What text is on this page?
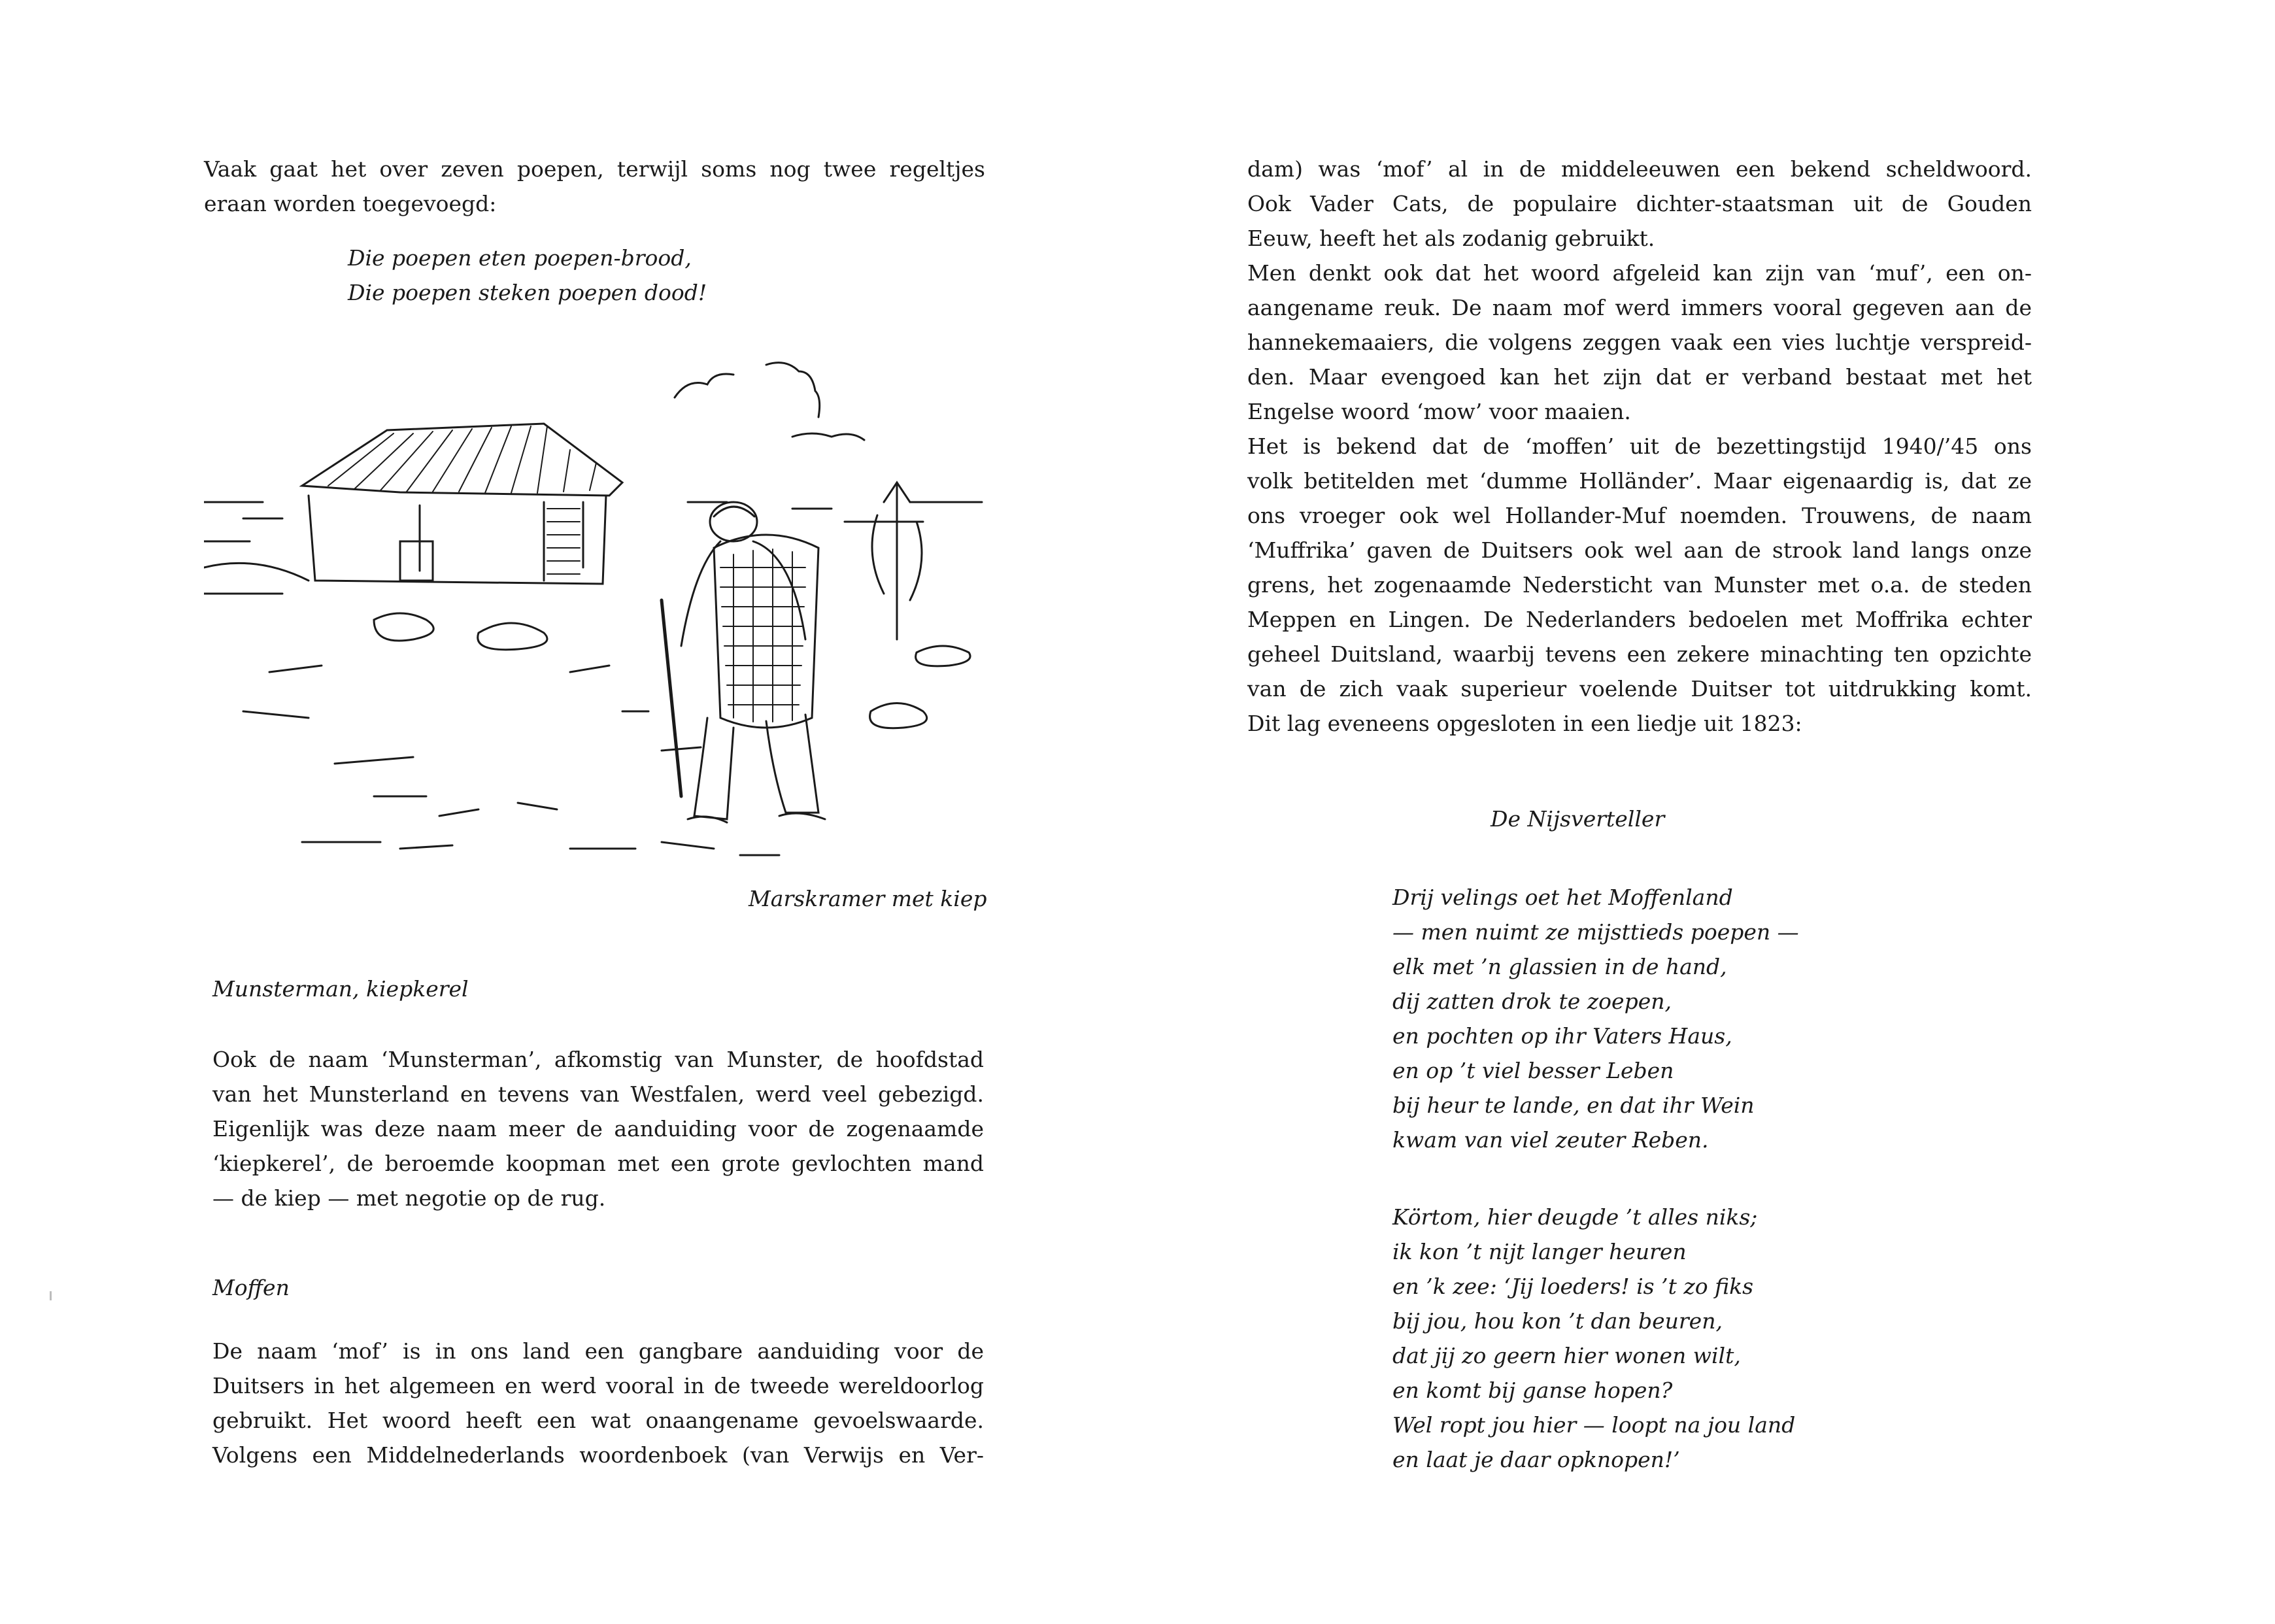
Vaak gaat het over zeven poepen, terwijl soms nog twee regeltjes
eraan worden toegevoegd:
Die poepen eten poepen-brood,
Die poepen steken poepen dood!
Marskramer met kiep
Munsterman, kiepkerel
Ook de naam ‘Munsterman’, afkomstig van Munster, de hoofdstad
van het Munsterland en tevens van Westfalen, werd veel gebezigd.
Eigenlijk was deze naam meer de aanduiding voor de zogenaamde
‘kiepkerel’, de beroemde koopman met een grote gevlochten mand
— de kiep — met negotie op de rug.
Moffen
De naam ‘mof’ is in ons land een gangbare aanduiding voor de
Duitsers in het algemeen en werd vooral in de tweede wereldoorlog
gebruikt. Het woord heeft een wat onaangename gevoelswaarde.
Volgens een Middelnederlands woordenboek (van Verwijs en Ver-
dam) was ‘mof’ al in de middeleeuwen een bekend scheldwoord.
Ook Vader Cats, de populaire dichter-staatsman uit de Gouden
Eeuw, heeft het als zodanig gebruikt.
Men denkt ook dat het woord afgeleid kan zijn van ‘muf’, een on-
aangename reuk. De naam mof werd immers vooral gegeven aan de
hannekemaaiers, die volgens zeggen vaak een vies luchtje verspreid-
den. Maar evengoed kan het zijn dat er verband bestaat met het
Engelse woord ‘mow’ voor maaien.
Het is bekend dat de ‘moffen’ uit de bezettingstijd 1940/’45 ons
volk betitelden met ‘dumme Holländer’. Maar eigenaardig is, dat ze
ons vroeger ook wel Hollander-Muf noemden. Trouwens, de naam
‘Muffrika’ gaven de Duitsers ook wel aan de strook land langs onze
grens, het zogenaamde Nedersticht van Munster met o.a. de steden
Meppen en Lingen. De Nederlanders bedoelen met Moffrika echter
geheel Duitsland, waarbij tevens een zekere minachting ten opzichte
van de zich vaak superieur voelende Duitser tot uitdrukking komt.
Dit lag eveneens opgesloten in een liedje uit 1823:
De Nijsverteller
Drij velings oet het Moffenland
— men nuimt ze mijsttieds poepen —
elk met ’n glassien in de hand,
dij zatten drok te zoepen,
en pochten op ihr Vaters Haus,
en op ’t viel besser Leben
bij heur te lande, en dat ihr Wein
kwam van viel zeuter Reben.
Körtom, hier deugde ’t alles niks;
ik kon ’t nijt langer heuren
en ’k zee: ‘Jij loeders! is ’t zo fiks
bij jou, hou kon ’t dan beuren,
dat jij zo geern hier wonen wilt,
en komt bij ganse hopen?
Wel ropt jou hier — loopt na jou land
en laat je daar opknopen!’
